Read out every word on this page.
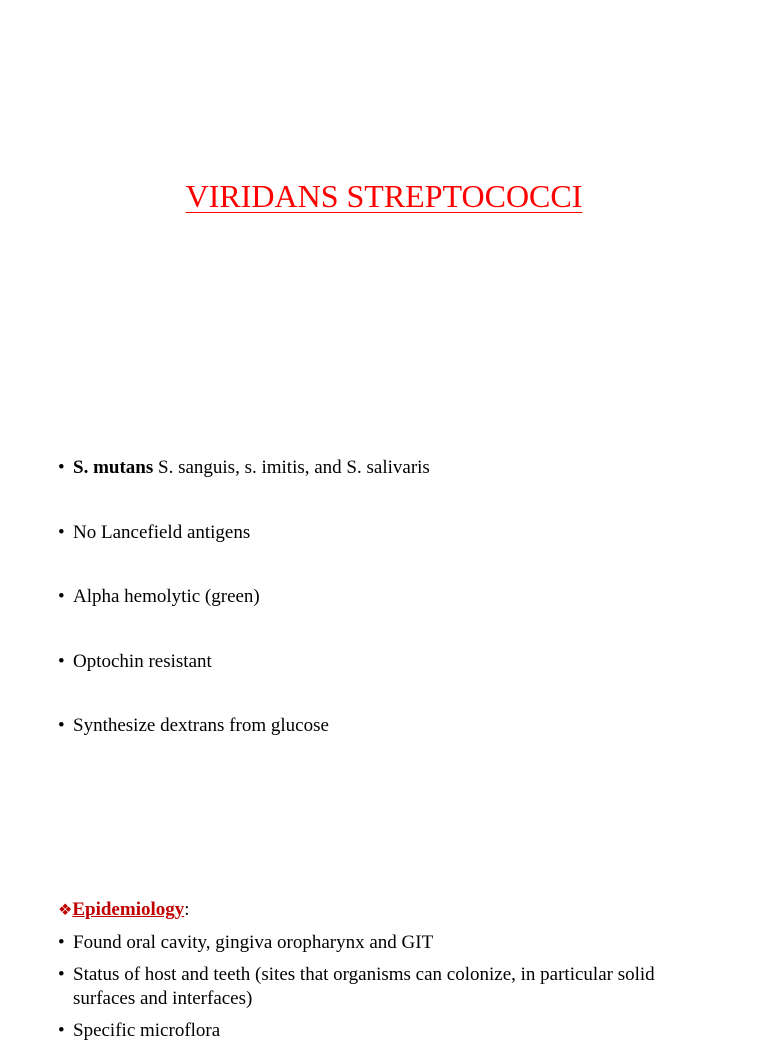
VIRIDANS STREPTOCOCCI
• S. mutans S. sanguis, s. imitis, and S. salivaris
• No Lancefield antigens
• Alpha hemolytic (green)
• Optochin resistant
• Synthesize dextrans from glucose
❖Epidemiology:
• Found oral cavity, gingiva oropharynx and GIT
• Status of host and teeth (sites that organisms can colonize, in particular solid surfaces and interfaces)
• Specific microflora
